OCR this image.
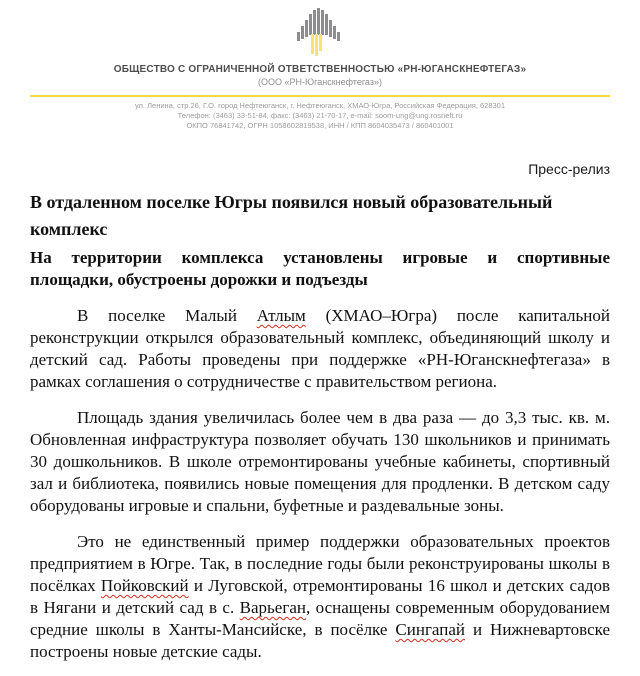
ОБЩЕСТВО С ОГРАНИЧЕННОЙ ОТВЕТСТВЕННОСТЬЮ «РН-ЮГАНСКНЕФТЕГАЗ»
(ООО «РН-Юганскнефтегаз»)
ул. Ленина, стр.26, Г.О. город Нефтеюганск, г. Нефтеюганск, ХМАО-Югра, Российская Федерация, 628301
Телефон: (3463) 33-51-84, факс: (3463) 21-70-17, e-mail: soom-ung@ung.rosneft.ru
ОКПО 76841742, ОГРН 1058602819538, ИНН / КПП 8604035473 / 860401001
Пресс-релиз
В отдаленном поселке Югры появился новый образовательный комплекс

На территории комплекса установлены игровые и спортивные
площадки, обустроены дорожки и подъезды

В поселке Малый Атлым (ХМАО–Югра) после капитальной реконструкции открылся образовательный комплекс, объединяющий школу и детский сад. Работы проведены при поддержке «РН-Юганскнефтегаза» в рамках соглашения о сотрудничестве с правительством региона.

Площадь здания увеличилась более чем в два раза — до 3,3 тыс. кв. м. Обновленная инфраструктура позволяет обучать 130 школьников и принимать 30 дошкольников. В школе отремонтированы учебные кабинеты, спортивный зал и библиотека, появились новые помещения для продленки. В детском саду оборудованы игровые и спальни, буфетные и раздевальные зоны.

Это не единственный пример поддержки образовательных проектов предприятием в Югре. Так, в последние годы были реконструированы школы в посёлках Пойковский и Луговской, отремонтированы 16 школ и детских садов в Нягани и детский сад в с. Варьеган, оснащены современным оборудованием средние школы в Ханты-Мансийске, в посёлке Сингапай и Нижневартовске построены новые детские сады.
